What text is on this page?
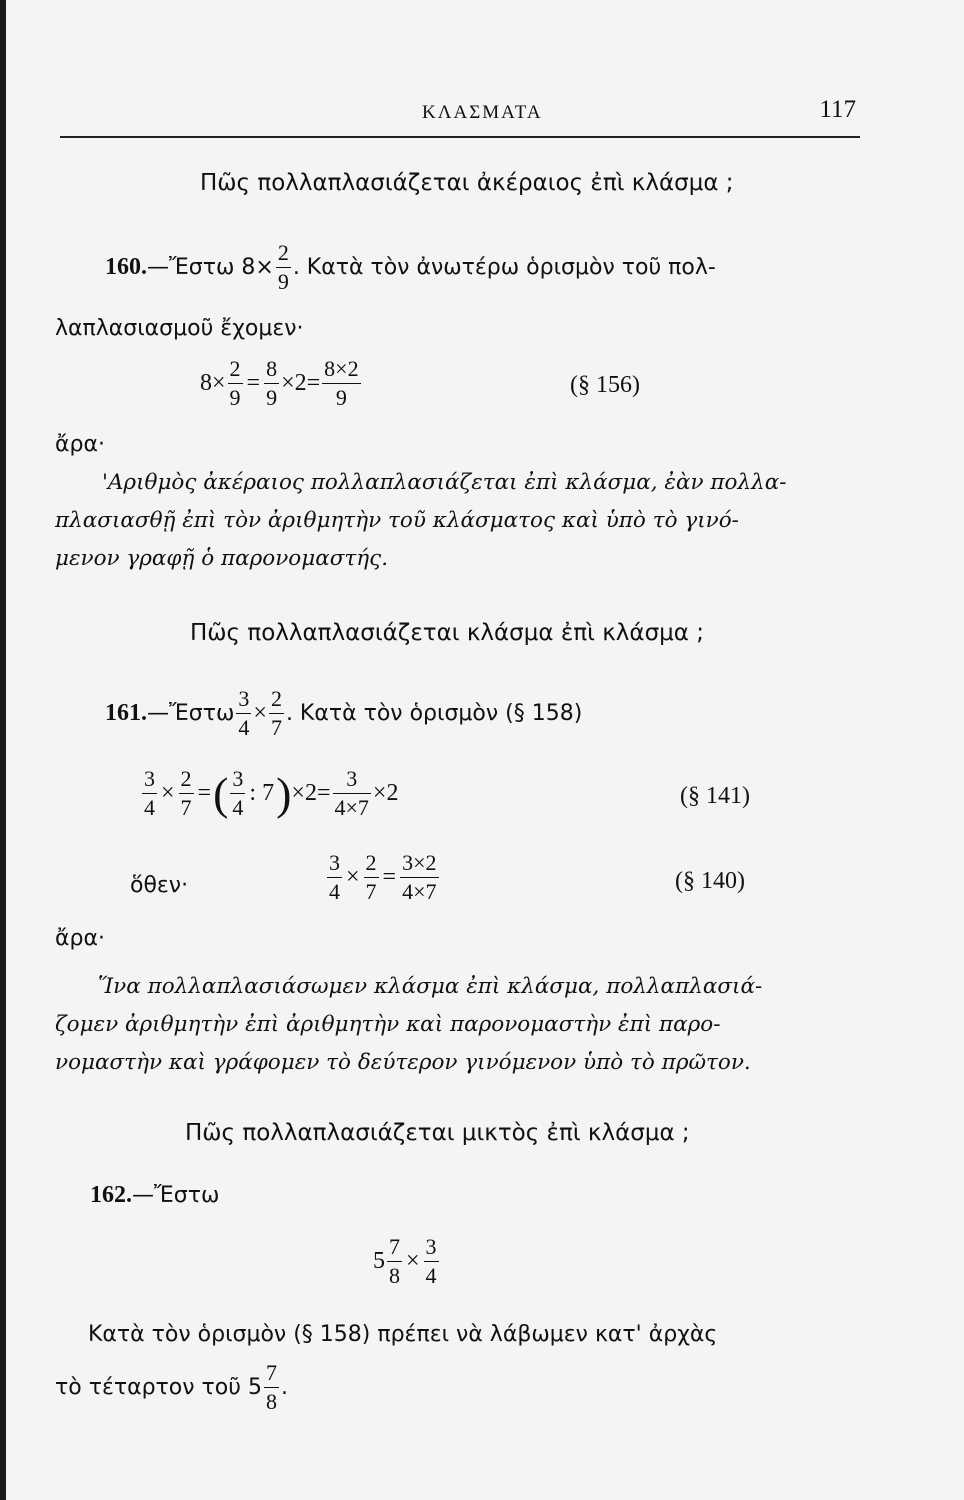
ΚΛΑΣΜΑΤΑ	117
Πῶς πολλαπλασιάζεται ἀκέραιος ἐπὶ κλάσμα ;
160. —Ἔστω $8\times \frac{2}{9}$ . Κατὰ τὸν ἀνωτέρω ὁρισμὸν τοῦ πολ-
λαπλασιασμοῦ ἔχομεν·
$8\times \frac{2}{9} = \frac{8}{9} \times 2= \frac{8\times 2}{9}$	(§ 156)
ἄρα·
'Αριθμὸς ἀκέραιος πολλαπλασιάζεται ἐπὶ κλάσμα, ἐὰν πολλα-
πλασιασθῇ ἐπὶ τὸν ἀριθμητὴν τοῦ κλάσματος καὶ ὑπὸ τὸ γινό-
μενον γραφῇ ὁ παρονομαστής.
Πῶς πολλαπλασιάζεται κλάσμα ἐπὶ κλάσμα ;
161. —Ἔστω $\frac{3}{4} \times \frac{2}{7}$ . Κατὰ τὸν ὁρισμὸν (§ 158)
$\frac{3}{4} \times \frac{2}{7}$ = ( $\frac{3}{4}$ : 7 ) $\times 2= \frac{3}{4\times 7} \times 2$	(§ 141)
ὅθεν·	$\frac{3}{4} \times \frac{2}{7} = \frac{3\times 2}{4\times 7}$	(§ 140)
ἄρα·
Ἵνα πολλαπλασιάσωμεν κλάσμα ἐπὶ κλάσμα, πολλαπλασιά-
ζομεν ἀριθμητὴν ἐπὶ ἀριθμητὴν καὶ παρονομαστὴν ἐπὶ παρο-
νομαστὴν καὶ γράφομεν τὸ δεύτερον γινόμενον ὑπὸ τὸ πρῶτον.
Πῶς πολλαπλασιάζεται μικτὸς ἐπὶ κλάσμα ;
162. —Ἔστω
$5 \frac{7}{8} \times \frac{3}{4}$
Κατὰ τὸν ὁρισμὸν (§ 158) πρέπει νὰ λάβωμεν κατ' ἀρχὰς
τὸ τέταρτον τοῦ $5 \frac{7}{8}$ .
